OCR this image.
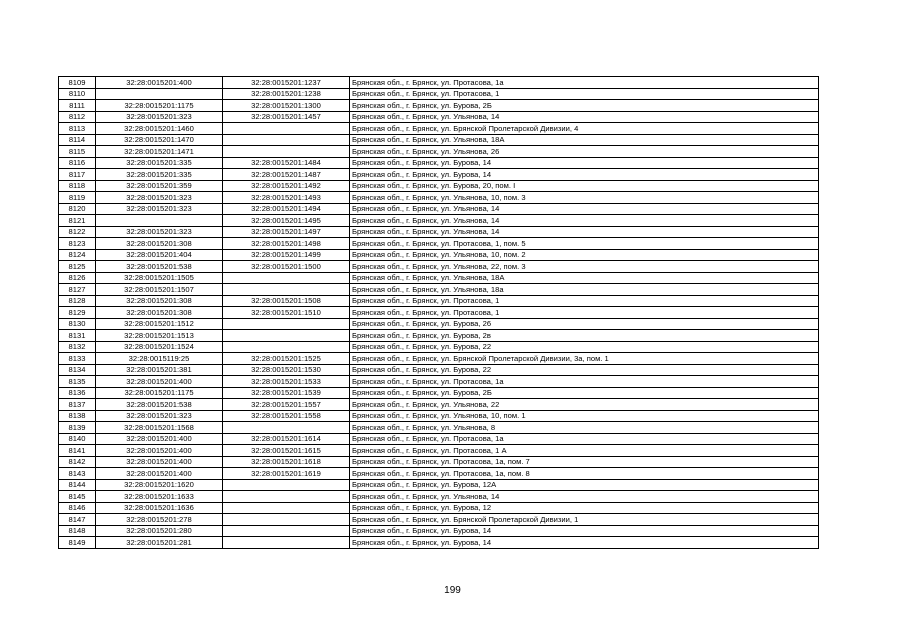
8109	32:28:0015201:400	32:28:0015201:1237	Брянская обл., г. Брянск, ул. Протасова, 1а
8110		32:28:0015201:1238	Брянская обл., г. Брянск, ул. Протасова, 1
8111	32:28:0015201:1175	32:28:0015201:1300	Брянская обл., г. Брянск, ул. Бурова, 2Б
8112	32:28:0015201:323	32:28:0015201:1457	Брянская обл., г. Брянск, ул. Ульянова, 14
8113	32:28:0015201:1460		Брянская обл., г. Брянск, ул. Брянской Пролетарской Дивизии, 4
8114	32:28:0015201:1470		Брянская обл., г. Брянск, ул. Ульянова, 18А
8115	32:28:0015201:1471		Брянская обл., г. Брянск, ул. Ульянова, 26
8116	32:28:0015201:335	32:28:0015201:1484	Брянская обл., г. Брянск, ул. Бурова, 14
8117	32:28:0015201:335	32:28:0015201:1487	Брянская обл., г. Брянск, ул. Бурова, 14
8118	32:28:0015201:359	32:28:0015201:1492	Брянская обл., г. Брянск, ул. Бурова, 20, пом. I
8119	32:28:0015201:323	32:28:0015201:1493	Брянская обл., г. Брянск, ул. Ульянова, 10, пом. 3
8120	32:28:0015201:323	32:28:0015201:1494	Брянская обл., г. Брянск, ул. Ульянова, 14
8121		32:28:0015201:1495	Брянская обл., г. Брянск, ул. Ульянова, 14
8122	32:28:0015201:323	32:28:0015201:1497	Брянская обл., г. Брянск, ул. Ульянова, 14
8123	32:28:0015201:308	32:28:0015201:1498	Брянская обл., г. Брянск, ул. Протасова, 1, пом. 5
8124	32:28:0015201:404	32:28:0015201:1499	Брянская обл., г. Брянск, ул. Ульянова, 10, пом. 2
8125	32:28:0015201:538	32:28:0015201:1500	Брянская обл., г. Брянск, ул. Ульянова, 22, пом. 3
8126	32:28:0015201:1505		Брянская обл., г. Брянск, ул. Ульянова, 18А
8127	32:28:0015201:1507		Брянская обл., г. Брянск, ул. Ульянова, 18а
8128	32:28:0015201:308	32:28:0015201:1508	Брянская обл., г. Брянск, ул. Протасова, 1
8129	32:28:0015201:308	32:28:0015201:1510	Брянская обл., г. Брянск, ул. Протасова, 1
8130	32:28:0015201:1512		Брянская обл., г. Брянск, ул. Бурова, 26
8131	32:28:0015201:1513		Брянская обл., г. Брянск, ул. Бурова, 2в
8132	32:28:0015201:1524		Брянская обл., г. Брянск, ул. Бурова, 22
8133	32:28:0015119:25	32:28:0015201:1525	Брянская обл., г. Брянск, ул. Брянской Пролетарской Дивизии, 3а, пом. 1
8134	32:28:0015201:381	32:28:0015201:1530	Брянская обл., г. Брянск, ул. Бурова, 22
8135	32:28:0015201:400	32:28:0015201:1533	Брянская обл., г. Брянск, ул. Протасова, 1а
8136	32:28:0015201:1175	32:28:0015201:1539	Брянская обл., г. Брянск, ул. Бурова, 2Б
8137	32:28:0015201:538	32:28:0015201:1557	Брянская обл., г. Брянск, ул. Ульянова, 22
8138	32:28:0015201:323	32:28:0015201:1558	Брянская обл., г. Брянск, ул. Ульянова, 10, пом. 1
8139	32:28:0015201:1568		Брянская обл., г. Брянск, ул. Ульянова, 8
8140	32:28:0015201:400	32:28:0015201:1614	Брянская обл., г. Брянск, ул. Протасова, 1а
8141	32:28:0015201:400	32:28:0015201:1615	Брянская обл., г. Брянск, ул. Протасова, 1 А
8142	32:28:0015201:400	32:28:0015201:1618	Брянская обл., г. Брянск, ул. Протасова, 1а, пом. 7
8143	32:28:0015201:400	32:28:0015201:1619	Брянская обл., г. Брянск, ул. Протасова, 1а, пом. 8
8144	32:28:0015201:1620		Брянская обл., г. Брянск, ул. Бурова, 12А
8145	32:28:0015201:1633		Брянская обл., г. Брянск, ул. Ульянова, 14
8146	32:28:0015201:1636		Брянская обл., г. Брянск, ул. Бурова, 12
8147	32:28:0015201:278		Брянская обл., г. Брянск, ул. Брянской Пролетарской Дивизии, 1
8148	32:28:0015201:280		Брянская обл., г. Брянск, ул. Бурова, 14
8149	32:28:0015201:281		Брянская обл., г. Брянск, ул. Бурова, 14
199
